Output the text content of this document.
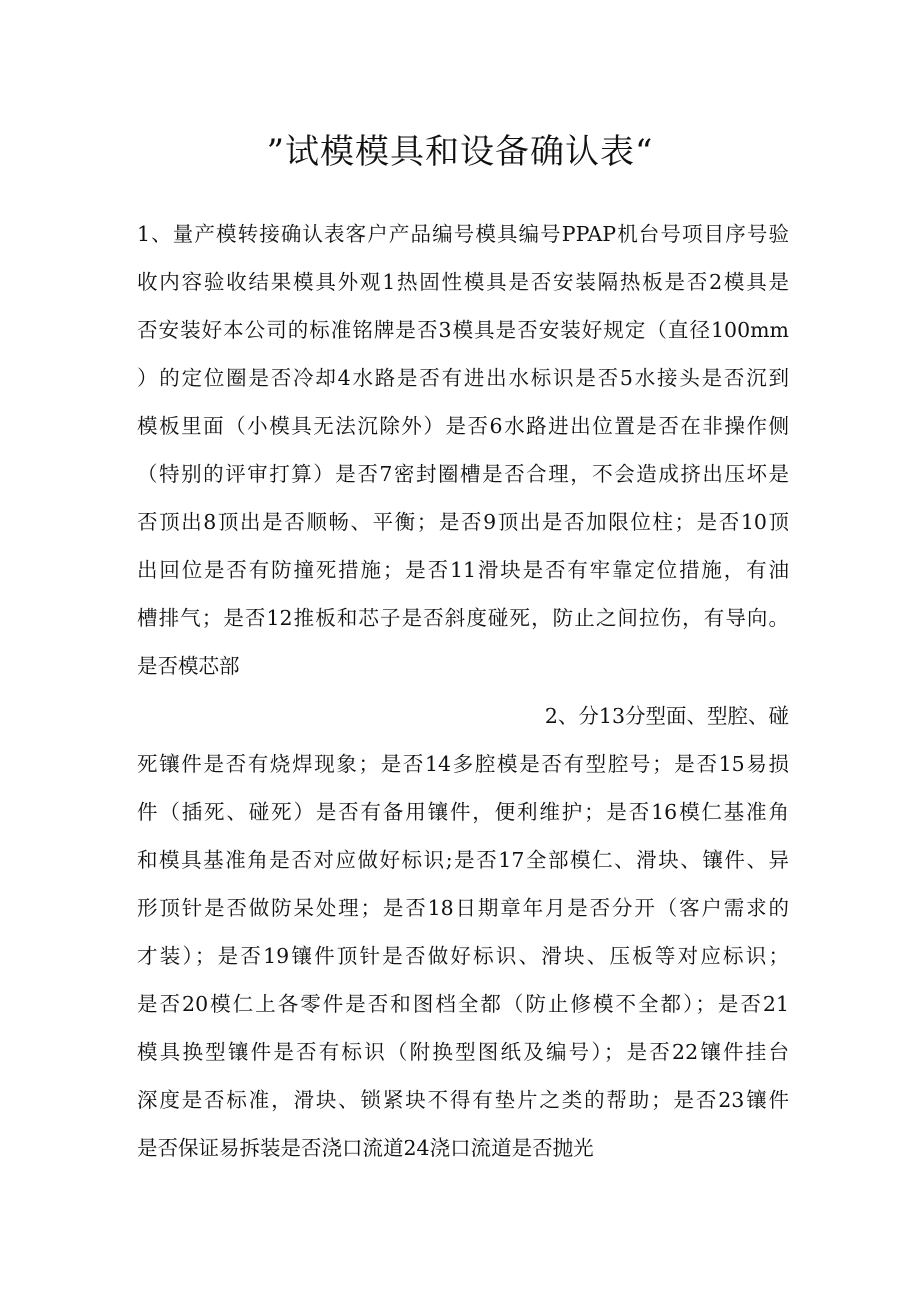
”试模模具和设备确认表“
1、量产模转接确认表客户产品编号模具编号PPAP机台号项目序号验
收内容验收结果模具外观1热固性模具是否安装隔热板是否2模具是
否安装好本公司的标准铭牌是否3模具是否安装好规定（直径100mm
）的定位圈是否冷却4水路是否有进出水标识是否5水接头是否沉到
模板里面（小模具无法沉除外）是否6水路进出位置是否在非操作侧
（特别的评审打算）是否7密封圈槽是否合理，不会造成挤出压坏是
否顶出8顶出是否顺畅、平衡；是否9顶出是否加限位柱；是否10顶
出回位是否有防撞死措施；是否11滑块是否有牢靠定位措施，有油
槽排气；是否12推板和芯子是否斜度碰死，防止之间拉伤，有导向。
是否模芯部
2、分13分型面、型腔、碰
死镶件是否有烧焊现象；是否14多腔模是否有型腔号；是否15易损
件（插死、碰死）是否有备用镶件，便利维护；是否16模仁基准角
和模具基准角是否对应做好标识;是否17全部模仁、滑块、镶件、异
形顶针是否做防呆处理；是否18日期章年月是否分开（客户需求的
才装）；是否19镶件顶针是否做好标识、滑块、压板等对应标识；
是否20模仁上各零件是否和图档全都（防止修模不全都）；是否21
模具换型镶件是否有标识（附换型图纸及编号）；是否22镶件挂台
深度是否标准，滑块、锁紧块不得有垫片之类的帮助；是否23镶件
是否保证易拆装是否浇口流道24浇口流道是否抛光
